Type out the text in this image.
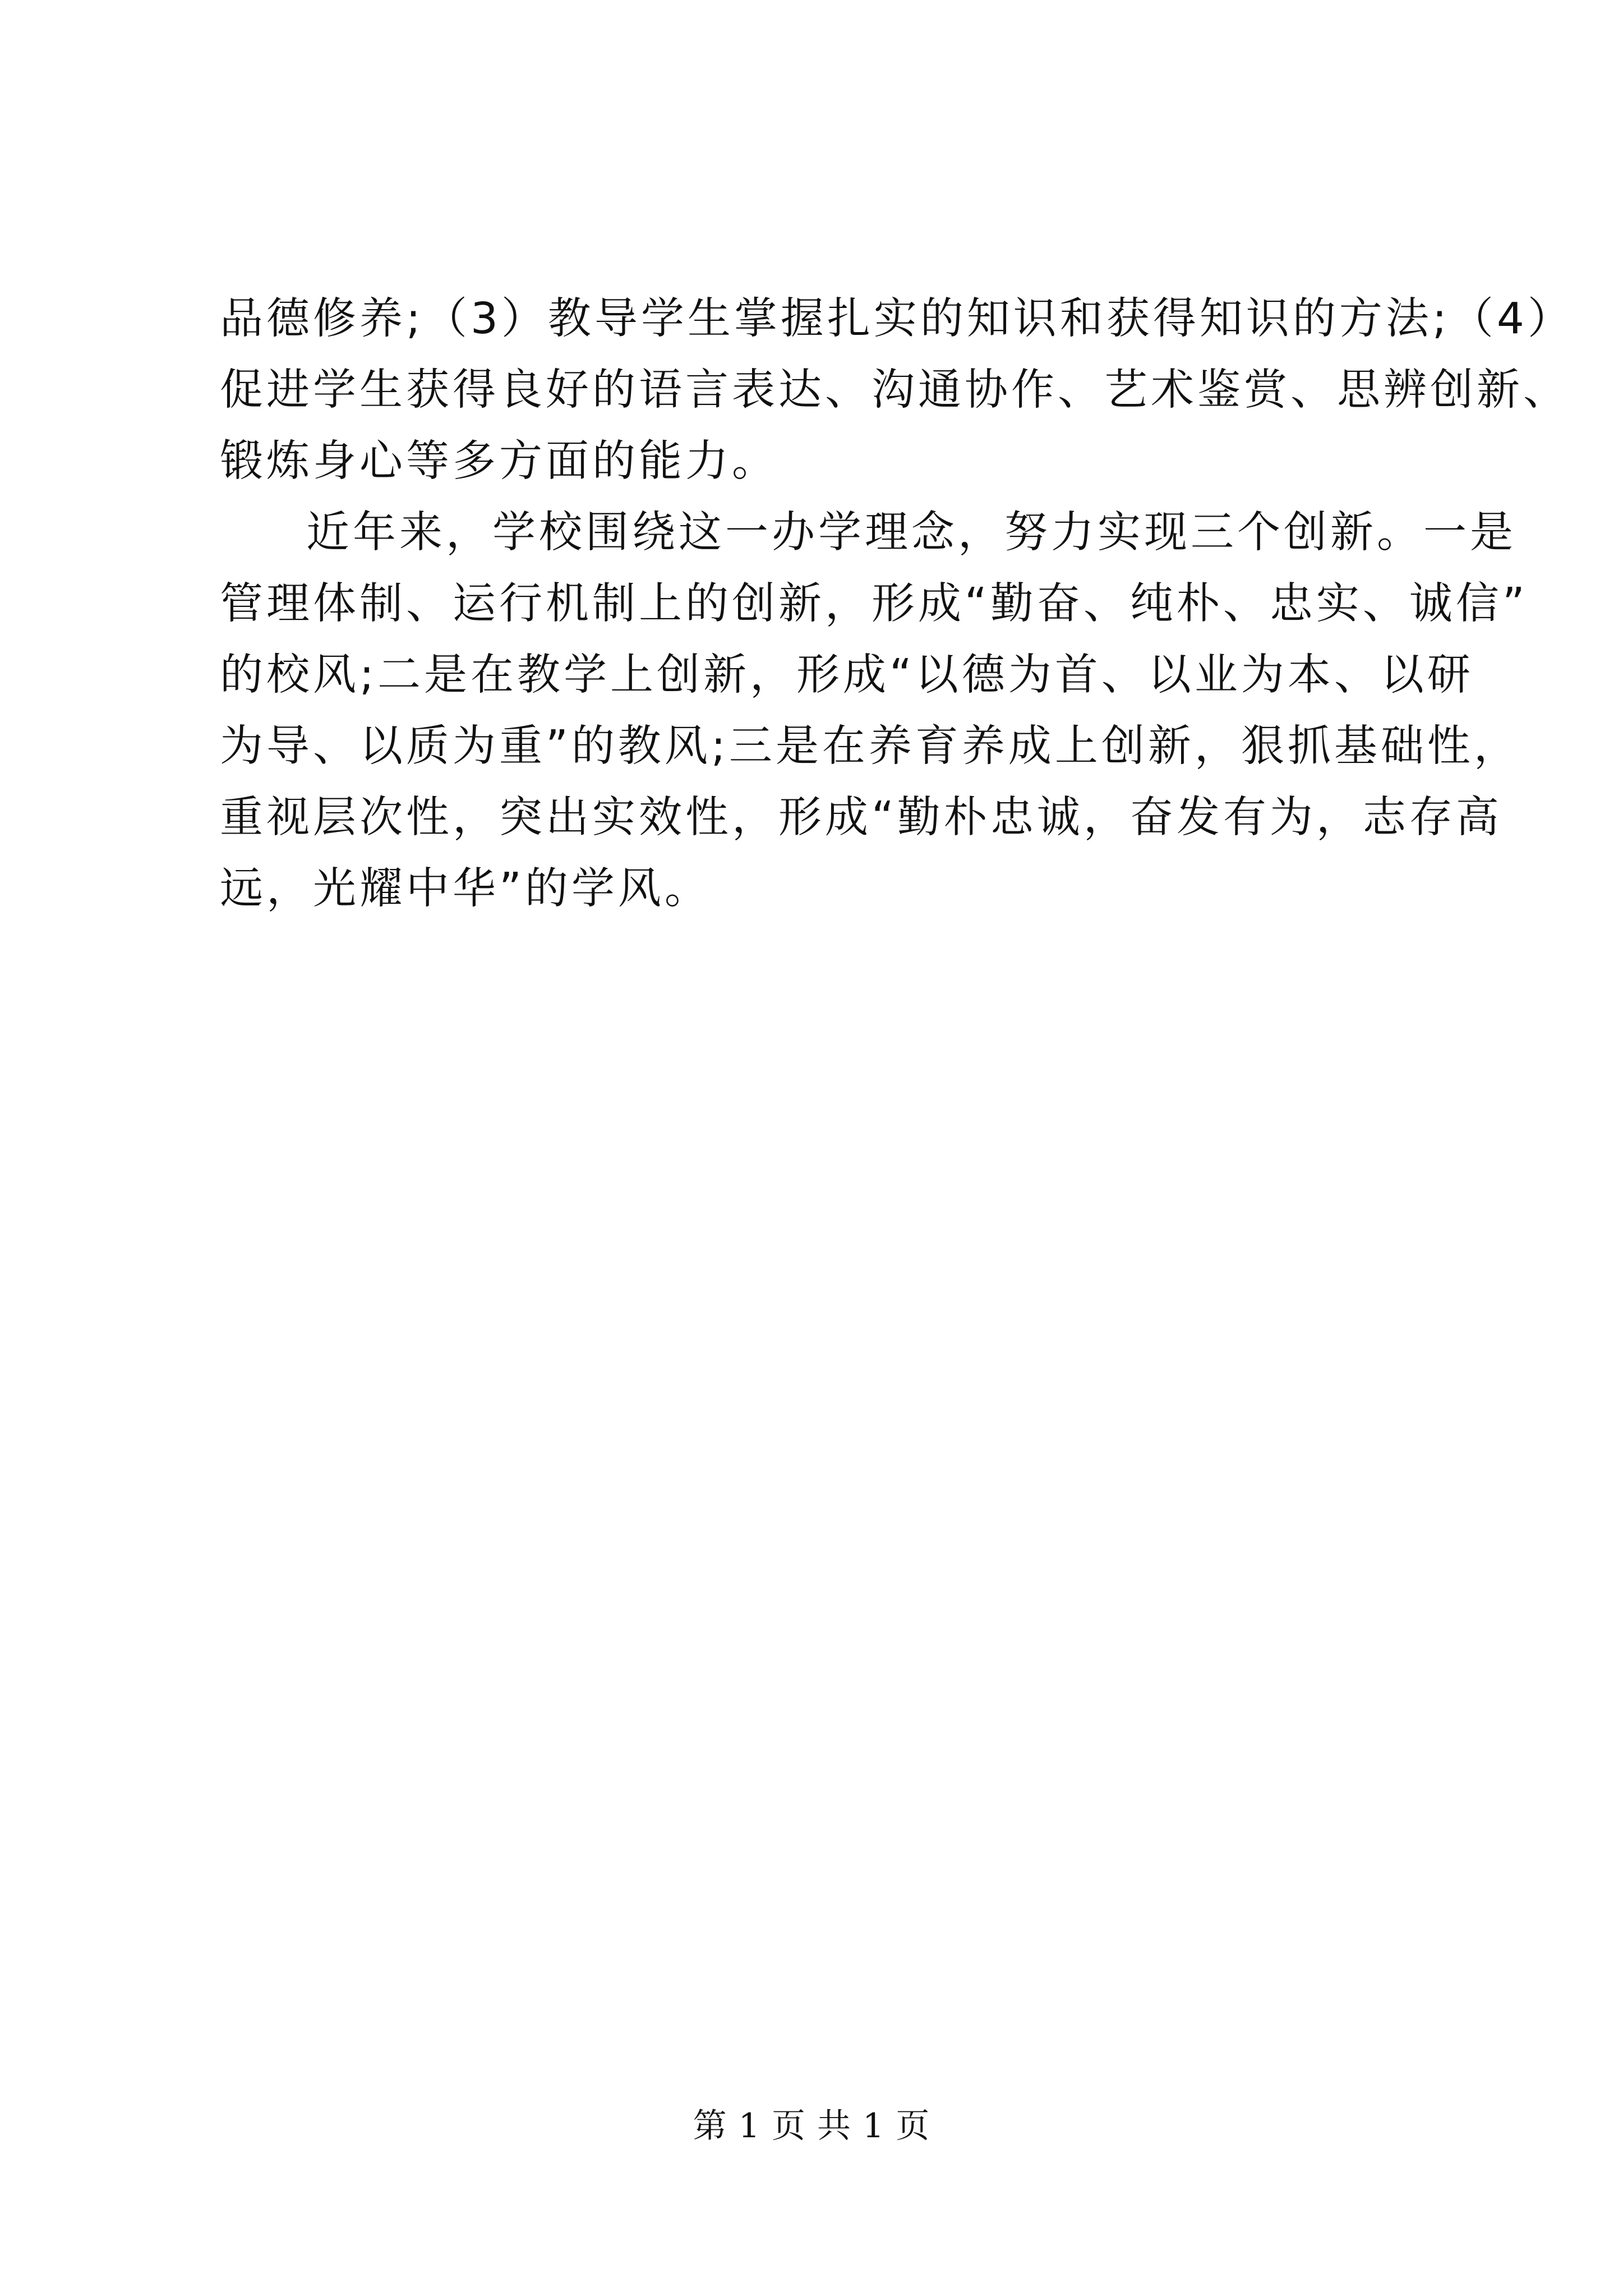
品德修养;（3）教导学生掌握扎实的知识和获得知识的方法;（4）
促进学生获得良好的语言表达、沟通协作、艺术鉴赏、思辨创新、
锻炼身心等多方面的能力。

近年来，学校围绕这一办学理念，努力实现三个创新。一是
管理体制、运行机制上的创新，形成“勤奋、纯朴、忠实、诚信”
的校风;二是在教学上创新，形成“以德为首、以业为本、以研
为导、以质为重”的教风;三是在养育养成上创新，狠抓基础性，
重视层次性，突出实效性，形成“勤朴忠诚，奋发有为，志存高
远，光耀中华”的学风。

第 1 页 共 1 页
